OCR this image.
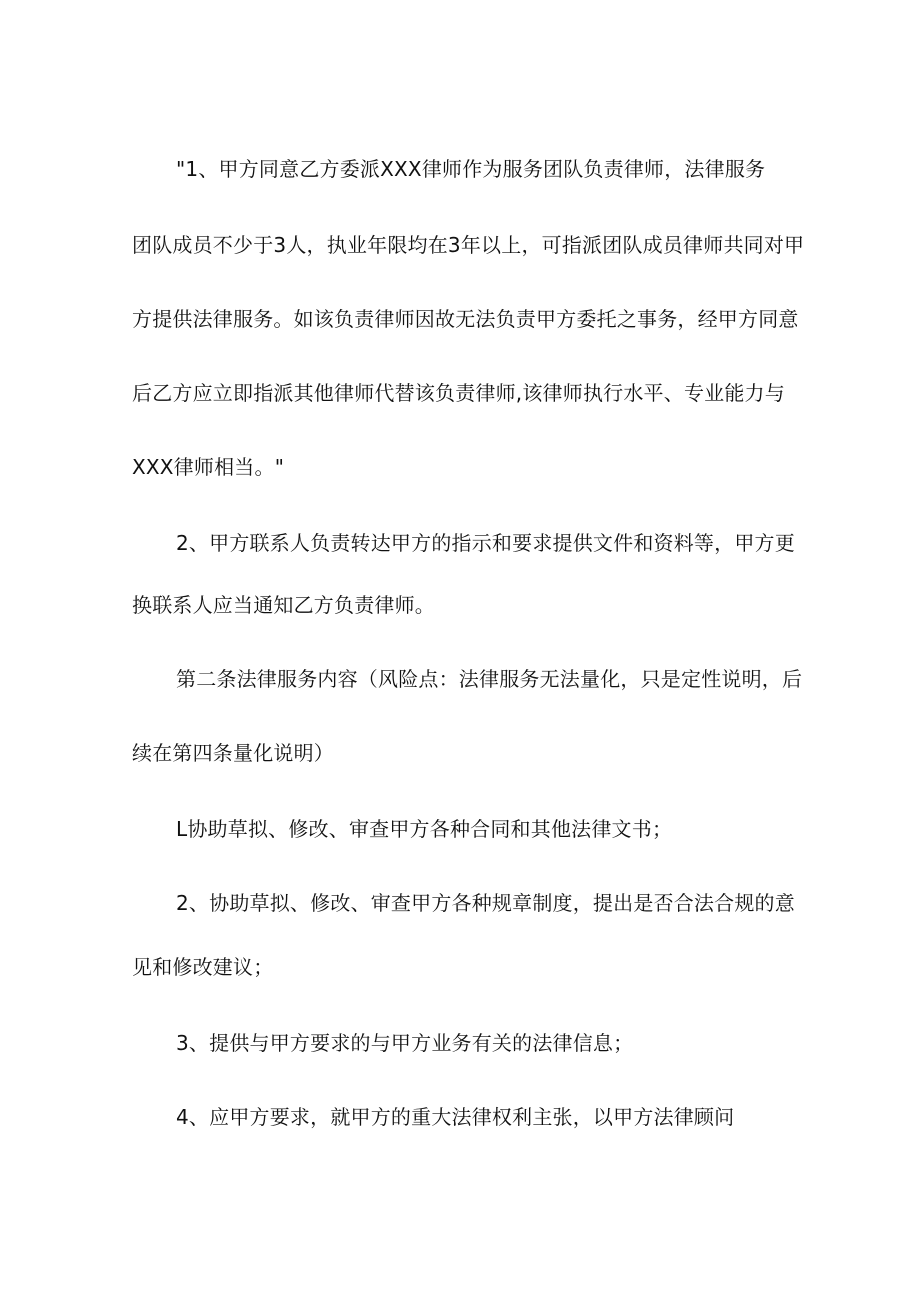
"1、甲方同意乙方委派XXX律师作为服务团队负责律师，法律服务
团队成员不少于3人，执业年限均在3年以上，可指派团队成员律师共同对甲
方提供法律服务。如该负责律师因故无法负责甲方委托之事务，经甲方同意
后乙方应立即指派其他律师代替该负责律师,该律师执行水平、专业能力与
XXX律师相当。"
2、甲方联系人负责转达甲方的指示和要求提供文件和资料等，甲方更
换联系人应当通知乙方负责律师。
第二条法律服务内容（风险点：法律服务无法量化，只是定性说明，后
续在第四条量化说明）
L协助草拟、修改、审查甲方各种合同和其他法律文书；
2、协助草拟、修改、审查甲方各种规章制度，提出是否合法合规的意
见和修改建议；
3、提供与甲方要求的与甲方业务有关的法律信息；
4、应甲方要求，就甲方的重大法律权利主张，以甲方法律顾问
